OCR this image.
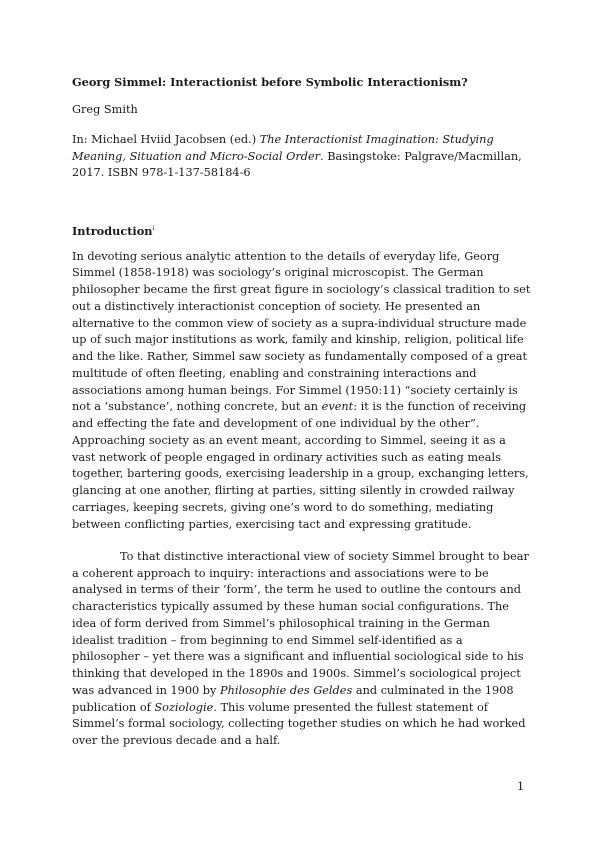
Georg Simmel: Interactionist before Symbolic Interactionism?
Greg Smith
In: Michael Hviid Jacobsen (ed.) The Interactionist Imagination: Studying Meaning, Situation and Micro-Social Order. Basingstoke: Palgrave/Macmillan, 2017. ISBN 978-1-137-58184-6
Introduction$^i$

In devoting serious analytic attention to the details of everyday life, Georg Simmel (1858-1918) was sociology’s original microscopist. The German philosopher became the first great figure in sociology’s classical tradition to set out a distinctively interactionist conception of society. He presented an alternative to the common view of society as a supra-individual structure made up of such major institutions as work, family and kinship, religion, political life and the like. Rather, Simmel saw society as fundamentally composed of a great multitude of often fleeting, enabling and constraining interactions and associations among human beings. For Simmel (1950:11) “society certainly is not a ‘substance’, nothing concrete, but an event: it is the function of receiving and effecting the fate and development of one individual by the other”. Approaching society as an event meant, according to Simmel, seeing it as a vast network of people engaged in ordinary activities such as eating meals together, bartering goods, exercising leadership in a group, exchanging letters, glancing at one another, flirting at parties, sitting silently in crowded railway carriages, keeping secrets, giving one’s word to do something, mediating between conflicting parties, exercising tact and expressing gratitude.

To that distinctive interactional view of society Simmel brought to bear a coherent approach to inquiry: interactions and associations were to be analysed in terms of their ‘form’, the term he used to outline the contours and characteristics typically assumed by these human social configurations. The idea of form derived from Simmel’s philosophical training in the German idealist tradition – from beginning to end Simmel self-identified as a philosopher – yet there was a significant and influential sociological side to his thinking that developed in the 1890s and 1900s. Simmel’s sociological project was advanced in 1900 by Philosophie des Geldes and culminated in the 1908 publication of Soziologie. This volume presented the fullest statement of Simmel’s formal sociology, collecting together studies on which he had worked over the previous decade and a half.

1
